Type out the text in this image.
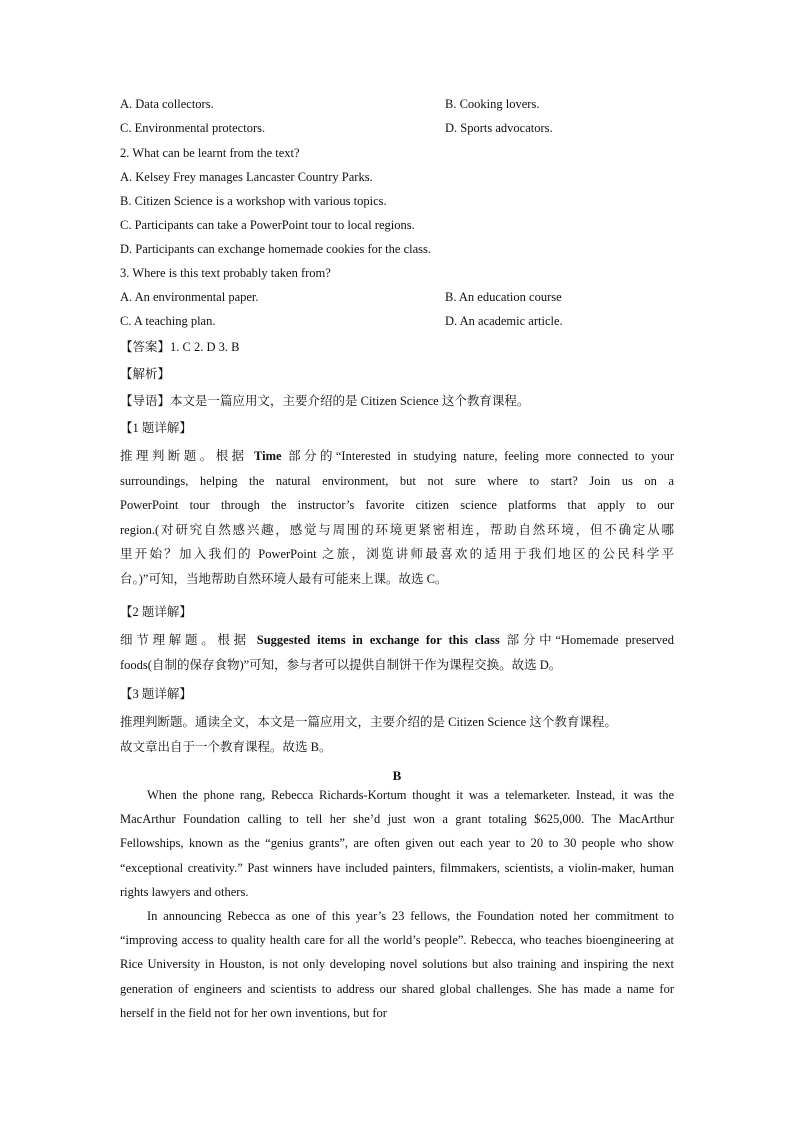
A. Data collectors.	B. Cooking lovers.
C. Environmental protectors.	D. Sports advocators.
2. What can be learnt from the text?
A. Kelsey Frey manages Lancaster Country Parks.
B. Citizen Science is a workshop with various topics.
C. Participants can take a PowerPoint tour to local regions.
D. Participants can exchange homemade cookies for the class.
3. Where is this text probably taken from?
A. An environmental paper.	B. An education course
C. A teaching plan.	D. An academic article.
【答案】1. C 2. D 3. B
【解析】
【导语】本文是一篇应用文，主要介绍的是 Citizen Science 这个教育课程。
【1 题详解】

推理判断题。根据 Time 部分的“Interested in studying nature, feeling more connected to your

surroundings, helping the natural environment, but not sure where to start? Join us on a

PowerPoint tour through the instructor’s favorite citizen science platforms that apply to our

region.(对研究自然感兴趣，感觉与周围的环境更紧密相连，帮助自然环境，但不确定从哪

里开始？加入我们的 PowerPoint 之旅，浏览讲师最喜欢的适用于我们地区的公民科学平

台。)”可知，当地帮助自然环境人最有可能来上课。故选 C。

【2 题详解】

细节理解题。根据 Suggested items in exchange for this class 部分中“Homemade preserved

foods(自制的保存食物)”可知，参与者可以提供自制饼干作为课程交换。故选 D。

【3 题详解】

推理判断题。通读全文，本文是一篇应用文，主要介绍的是 Citizen Science 这个教育课程。

故文章出自于一个教育课程。故选 B。

B

When the phone rang, Rebecca Richards-Kortum thought it was a telemarketer. Instead, it was the MacArthur Foundation calling to tell her she’d just won a grant totaling $625,000. The MacArthur Fellowships, known as the “genius grants”, are often given out each year to 20 to 30 people who show “exceptional creativity.” Past winners have included painters, filmmakers, scientists, a violin-maker, human rights lawyers and others.

In announcing Rebecca as one of this year’s 23 fellows, the Foundation noted her commitment to “improving access to quality health care for all the world’s people”. Rebecca, who teaches bioengineering at Rice University in Houston, is not only developing novel solutions but also training and inspiring the next generation of engineers and scientists to address our shared global challenges. She has made a name for herself in the field not for her own inventions, but for
